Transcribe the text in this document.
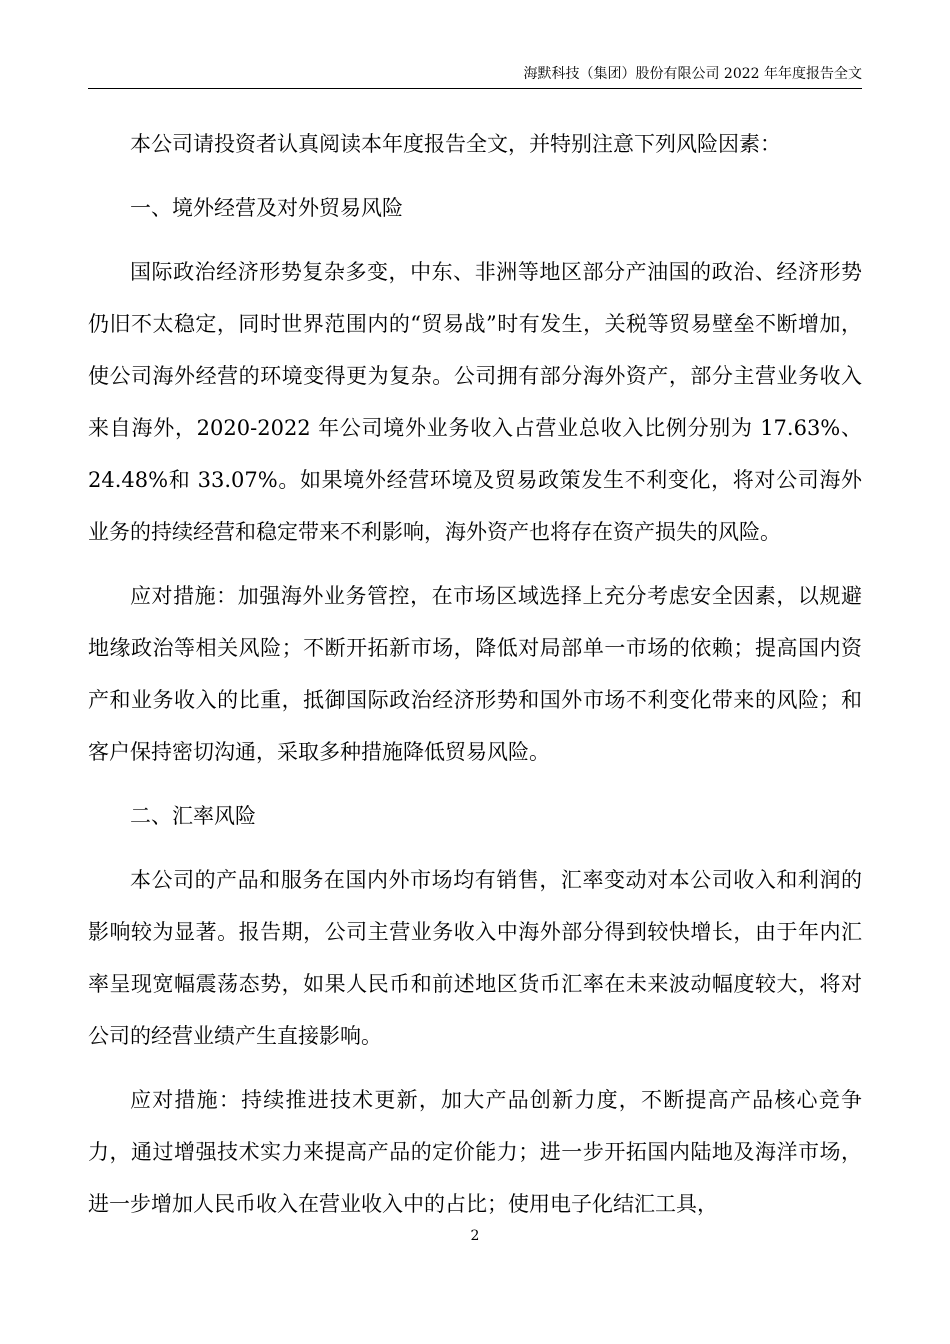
海默科技（集团）股份有限公司 2022 年年度报告全文

本公司请投资者认真阅读本年度报告全文，并特别注意下列风险因素：

一、境外经营及对外贸易风险

国际政治经济形势复杂多变，中东、非洲等地区部分产油国的政治、经济形势仍旧不太稳定，同时世界范围内的“贸易战”时有发生，关税等贸易壁垒不断增加，使公司海外经营的环境变得更为复杂。公司拥有部分海外资产，部分主营业务收入来自海外，2020-2022 年公司境外业务收入占营业总收入比例分别为 17.63%、24.48%和 33.07%。如果境外经营环境及贸易政策发生不利变化，将对公司海外业务的持续经营和稳定带来不利影响，海外资产也将存在资产损失的风险。

应对措施：加强海外业务管控，在市场区域选择上充分考虑安全因素，以规避地缘政治等相关风险；不断开拓新市场，降低对局部单一市场的依赖；提高国内资产和业务收入的比重，抵御国际政治经济形势和国外市场不利变化带来的风险；和客户保持密切沟通，采取多种措施降低贸易风险。

二、汇率风险

本公司的产品和服务在国内外市场均有销售，汇率变动对本公司收入和利润的影响较为显著。报告期，公司主营业务收入中海外部分得到较快增长，由于年内汇率呈现宽幅震荡态势，如果人民币和前述地区货币汇率在未来波动幅度较大，将对公司的经营业绩产生直接影响。

应对措施：持续推进技术更新，加大产品创新力度，不断提高产品核心竞争力，通过增强技术实力来提高产品的定价能力；进一步开拓国内陆地及海洋市场，进一步增加人民币收入在营业收入中的占比；使用电子化结汇工具，

2
